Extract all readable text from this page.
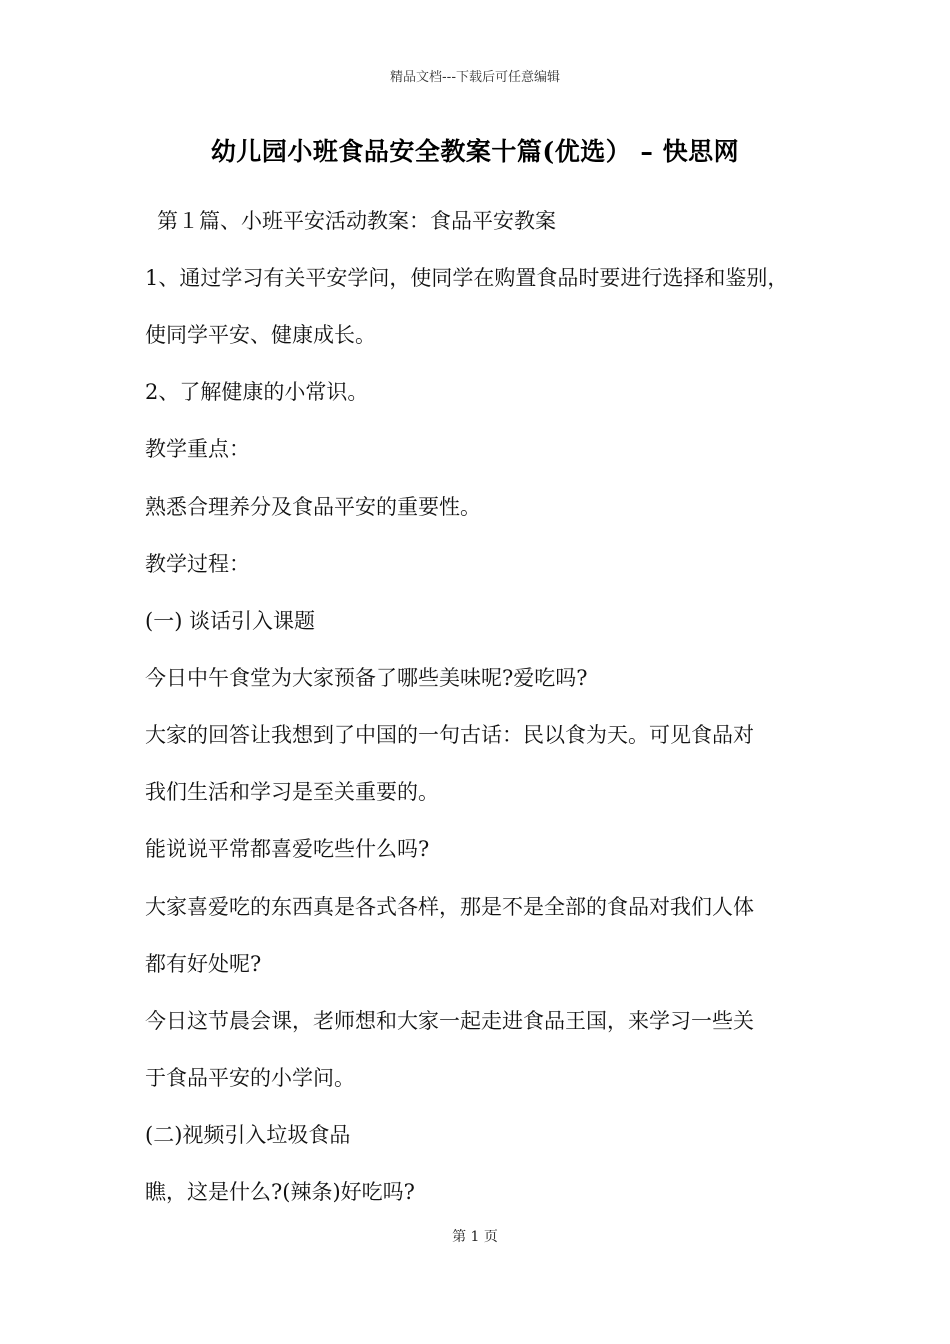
精品文档---下载后可任意编辑
幼儿园小班食品安全教案十篇(优选） – 快思网

第１篇、小班平安活动教案：食品平安教案

1、通过学习有关平安学问，使同学在购置食品时要进行选择和鉴别，

使同学平安、健康成长。

2、了解健康的小常识。

教学重点：

熟悉合理养分及食品平安的重要性。

教学过程：

(一) 谈话引入课题

今日中午食堂为大家预备了哪些美味呢?爱吃吗?

大家的回答让我想到了中国的一句古话：民以食为天。可见食品对

我们生活和学习是至关重要的。

能说说平常都喜爱吃些什么吗?

大家喜爱吃的东西真是各式各样，那是不是全部的食品对我们人体

都有好处呢?

今日这节晨会课，老师想和大家一起走进食品王国，来学习一些关

于食品平安的小学问。

(二)视频引入垃圾食品

瞧，这是什么?(辣条)好吃吗?

第 1 页
